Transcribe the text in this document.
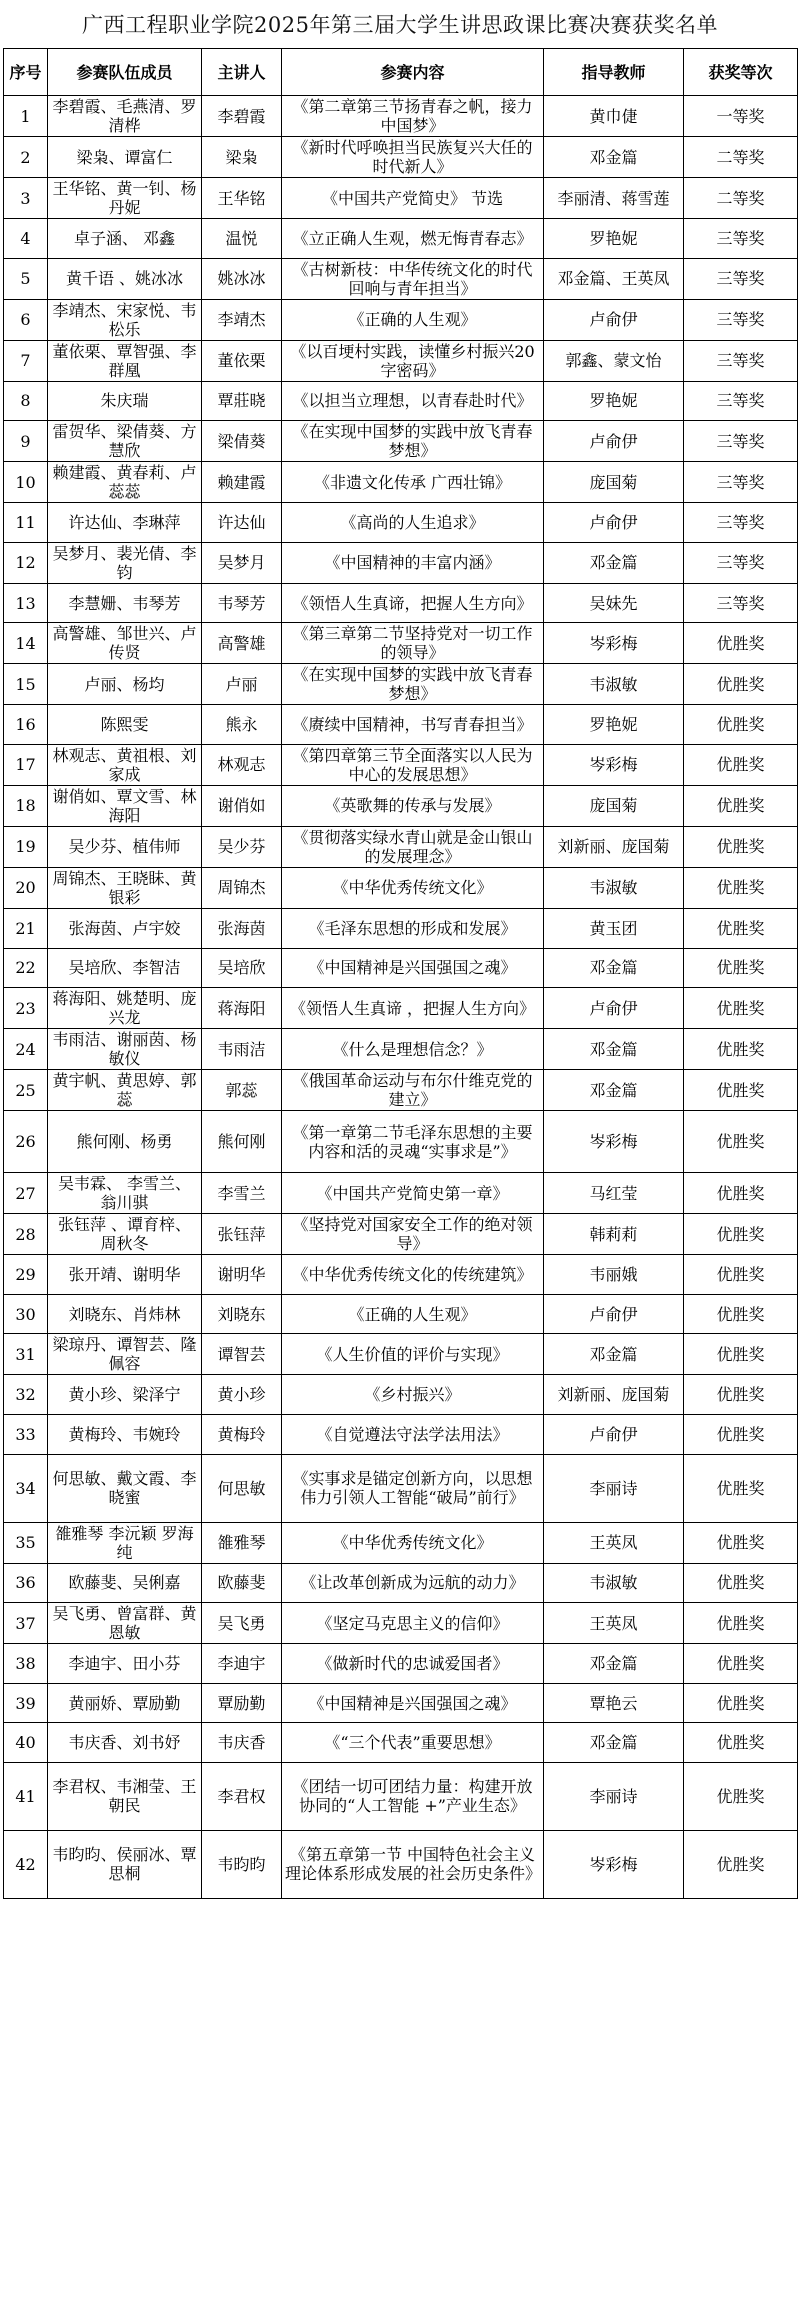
广西工程职业学院2025年第三届大学生讲思政课比赛决赛获奖名单
序号	参赛队伍成员	主讲人	参赛内容	指导教师	获奖等次
1	李碧霞、毛燕清、罗清桦	李碧霞	《第二章第三节扬青春之帆，接力中国梦》	黄巾倢	一等奖
2	梁枭、谭富仁	梁枭	《新时代呼唤担当民族复兴大任的时代新人》	邓金篇	二等奖
3	王华铭、黄一钊、杨丹妮	王华铭	《中国共产党简史》 节选	李丽清、蒋雪莲	二等奖
4	卓子涵、 邓鑫	温悦	《立正确人生观，燃无悔青春志》	罗艳妮	三等奖
5	黄千语 、姚冰冰	姚冰冰	《古树新枝：中华传统文化的时代回响与青年担当》	邓金篇、王英凤	三等奖
6	李靖杰、宋家悦、韦松乐	李靖杰	《正确的人生观》	卢俞伊	三等奖
7	董依栗、覃智强、李群凰	董依栗	《以百埂村实践，读懂乡村振兴20字密码》	郭鑫、蒙文怡	三等奖
8	朱庆瑞	覃莊晓	《以担当立理想，以青春赴时代》	罗艳妮	三等奖
9	雷贺华、梁倩葵、方慧欣	梁倩葵	《在实现中国梦的实践中放飞青春梦想》	卢俞伊	三等奖
10	赖建霞、黄春莉、卢蕊蕊	赖建霞	《非遗文化传承 广西壮锦》	庞国菊	三等奖
11	许达仙、李琳萍	许达仙	《高尚的人生追求》	卢俞伊	三等奖
12	吴梦月、裴光倩、李钧	吴梦月	《中国精神的丰富内涵》	邓金篇	三等奖
13	李慧姗、韦琴芳	韦琴芳	《领悟人生真谛，把握人生方向》	吴妹先	三等奖
14	高警雄、邹世兴、卢传贤	高警雄	《第三章第二节坚持党对一切工作的领导》	岑彩梅	优胜奖
15	卢丽、杨均	卢丽	《在实现中国梦的实践中放飞青春梦想》	韦淑敏	优胜奖
16	陈熙雯	熊永	《赓续中国精神，书写青春担当》	罗艳妮	优胜奖
17	林观志、黄祖根、刘家成	林观志	《第四章第三节全面落实以人民为中心的发展思想》	岑彩梅	优胜奖
18	谢俏如、覃文雪、林海阳	谢俏如	《英歌舞的传承与发展》	庞国菊	优胜奖
19	吴少芬、植伟师	吴少芬	《贯彻落实绿水青山就是金山银山的发展理念》	刘新丽、庞国菊	优胜奖
20	周锦杰、王晓眛、黄银彩	周锦杰	《中华优秀传统文化》	韦淑敏	优胜奖
21	张海茵、卢宇姣	张海茵	《毛泽东思想的形成和发展》	黄玉团	优胜奖
22	吴培欣、李智洁	吴培欣	《中国精神是兴国强国之魂》	邓金篇	优胜奖
23	蒋海阳、姚楚明、庞兴龙	蒋海阳	《领悟人生真谛 ，把握人生方向》	卢俞伊	优胜奖
24	韦雨洁、谢丽茵、杨敏仪	韦雨洁	《什么是理想信念？》	邓金篇	优胜奖
25	黄宇帆、黄思婷、郭蕊	郭蕊	《俄国革命运动与布尔什维克党的建立》	邓金篇	优胜奖
26	熊何刚、杨勇	熊何刚	《第一章第二节毛泽东思想的主要内容和活的灵魂“实事求是”》	岑彩梅	优胜奖
27	吴韦霖、 李雪兰、 翁川骐	李雪兰	《中国共产党简史第一章》	马红莹	优胜奖
28	张钰萍 、谭育梓、周秋冬	张钰萍	《坚持党对国家安全工作的绝对领导》	韩莉莉	优胜奖
29	张开靖、谢明华	谢明华	《中华优秀传统文化的传统建筑》	韦丽娥	优胜奖
30	刘晓东、肖炜林	刘晓东	《正确的人生观》	卢俞伊	优胜奖
31	梁琼丹、谭智芸、隆佩容	谭智芸	《人生价值的评价与实现》	邓金篇	优胜奖
32	黄小珍、梁泽宁	黄小珍	《乡村振兴》	刘新丽、庞国菊	优胜奖
33	黄梅玲、韦婉玲	黄梅玲	《自觉遵法守法学法用法》	卢俞伊	优胜奖
34	何思敏、戴文霞、李晓蜜	何思敏	《实事求是锚定创新方向，以思想伟力引领人工智能“破局”前行》	李丽诗	优胜奖
35	雒雅琴 李沅颖 罗海纯	雒雅琴	《中华优秀传统文化》	王英凤	优胜奖
36	欧藤斐、吴俐嘉	欧藤斐	《让改革创新成为远航的动力》	韦淑敏	优胜奖
37	吴飞勇、曾富群、黄恩敏	吴飞勇	《坚定马克思主义的信仰》	王英凤	优胜奖
38	李迪宇、田小芬	李迪宇	《做新时代的忠诚爱国者》	邓金篇	优胜奖
39	黄丽娇、覃励勤	覃励勤	《中国精神是兴国强国之魂》	覃艳云	优胜奖
40	韦庆香、刘书妤	韦庆香	《“三个代表”重要思想》	邓金篇	优胜奖
41	李君权、韦湘莹、王朝民	李君权	《团结一切可团结力量：构建开放协同的“人工智能 +”产业生态》	李丽诗	优胜奖
42	韦昀昀、侯丽冰、覃思桐	韦昀昀	《第五章第一节 中国特色社会主义理论体系形成发展的社会历史条件》	岑彩梅	优胜奖
